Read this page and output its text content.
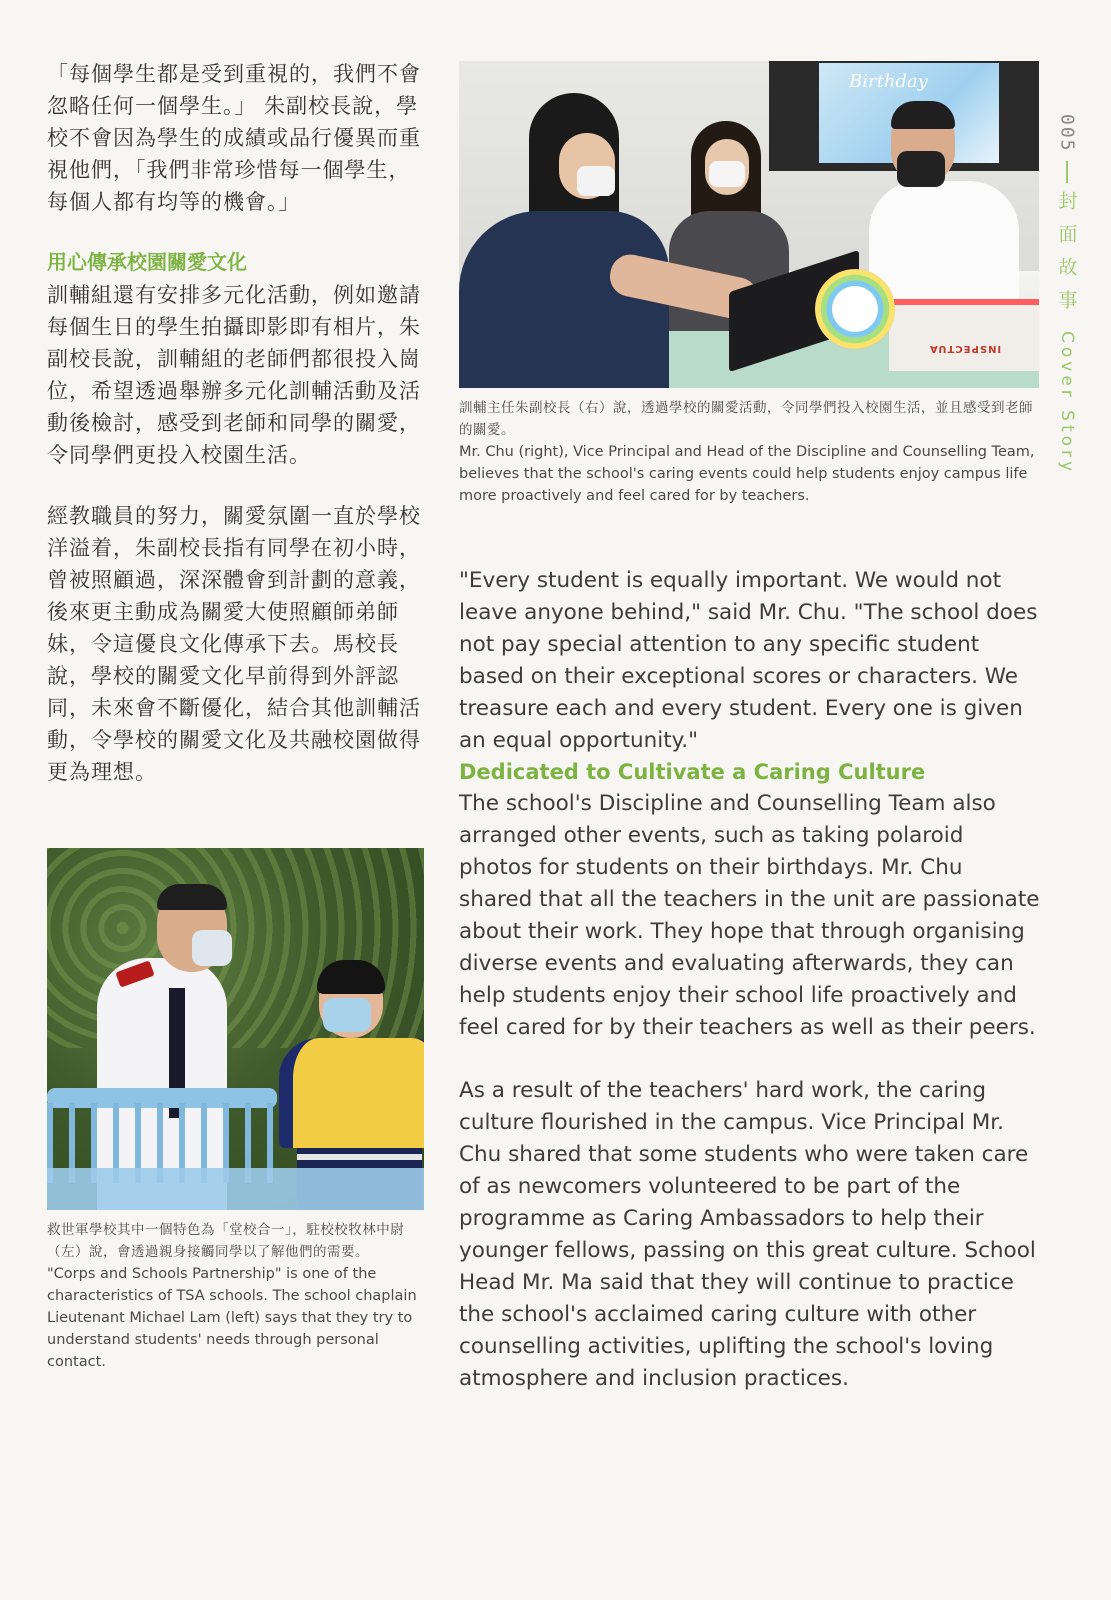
「每個學生都是受到重視的，我們不會忽略任何一個學生。」 朱副校長說，學校不會因為學生的成績或品行優異而重視他們，「我們非常珍惜每一個學生，每個人都有均等的機會。」

用心傳承校園關愛文化

訓輔組還有安排多元化活動，例如邀請每個生日的學生拍攝即影即有相片，朱副校長說，訓輔組的老師們都很投入崗位，希望透過舉辦多元化訓輔活動及活動後檢討，感受到老師和同學的關愛，令同學們更投入校園生活。

經教職員的努力，關愛氛圍一直於學校洋溢着，朱副校長指有同學在初小時，曾被照顧過，深深體會到計劃的意義，後來更主動成為關愛大使照顧師弟師妹，令這優良文化傳承下去。馬校長說，學校的關愛文化早前得到外評認同，未來會不斷優化，結合其他訓輔活動，令學校的關愛文化及共融校園做得更為理想。

Birthday
INSPECTUA
訓輔主任朱副校長（右）說，透過學校的關愛活動，令同學們投入校園生活，並且感受到老師的關愛。
Mr. Chu (right), Vice Principal and Head of the Discipline and Counselling Team, believes that the school's caring events could help students enjoy campus life more proactively and feel cared for by teachers.

"Every student is equally important. We would not leave anyone behind," said Mr. Chu. "The school does not pay special attention to any specific student based on their exceptional scores or characters. We treasure each and every student. Every one is given an equal opportunity."

Dedicated to Cultivate a Caring Culture

The school's Discipline and Counselling Team also arranged other events, such as taking polaroid photos for students on their birthdays. Mr. Chu shared that all the teachers in the unit are passionate about their work. They hope that through organising diverse events and evaluating afterwards, they can help students enjoy their school life proactively and feel cared for by their teachers as well as their peers.

As a result of the teachers' hard work, the caring culture flourished in the campus. Vice Principal Mr. Chu shared that some students who were taken care of as newcomers volunteered to be part of the programme as Caring Ambassadors to help their younger fellows, passing on this great culture. School Head Mr. Ma said that they will continue to practice the school's acclaimed caring culture with other counselling activities, uplifting the school's loving atmosphere and inclusion practices.

救世軍學校其中一個特色為「堂校合一」，駐校校牧林中尉（左）說，會透過親身接觸同學以了解他們的需要。
"Corps and Schools Partnership" is one of the characteristics of TSA schools. The school chaplain Lieutenant Michael Lam (left) says that they try to understand students' needs through personal contact.
005
封面故事
Cover Story
